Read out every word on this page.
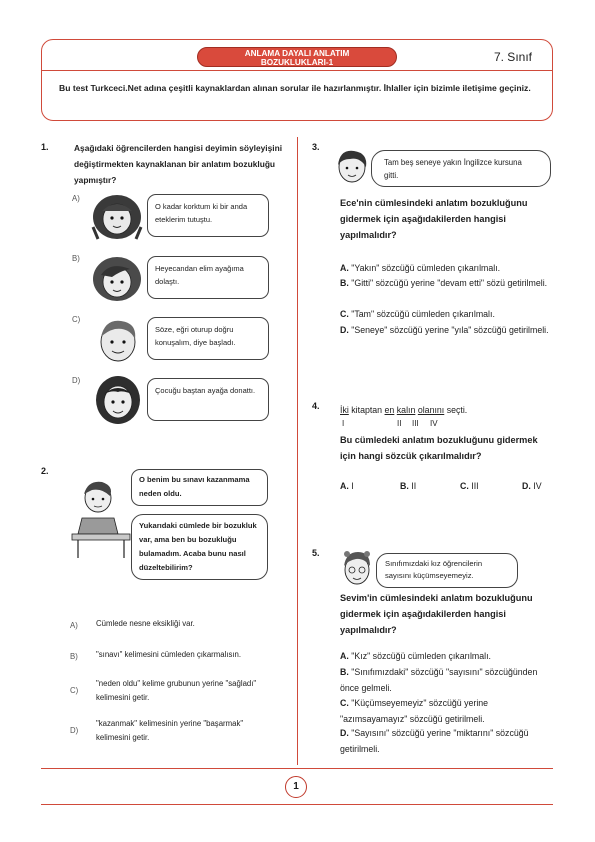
ANLAMA DAYALI ANLATIM
BOZUKLUKLARI-1	7. Sınıf
Bu test Turkceci.Net adına çeşitli kaynaklardan alınan sorular ile hazırlanmıştır. İhlaller için bizimle iletişime geçiniz.
1.	Aşağıdaki öğrencilerden hangisi deyimin söyleyişini değiştirmekten kaynaklanan bir anlatım bozukluğu yapmıştır?
A)
O kadar korktum ki bir anda eteklerim tutuştu.
B)
Heyecandan elim ayağıma dolaştı.
C)
Söze, eğri oturup doğru konuşalım, diye başladı.
D)
Çocuğu baştan ayağa donattı.
2.
O benim bu sınavı kazanmama neden oldu.
Yukarıdaki cümlede bir bozukluk var, ama ben bu bozukluğu bulamadım. Acaba bunu nasıl düzeltebilirim?
A) Cümlede nesne eksikliği var.
B) "sınavı" kelimesini cümleden çıkarmalısın.
C)
"neden oldu" kelime grubunun yerine "sağladı" kelimesini getir.
D)
"kazanmak" kelimesinin yerine "başarmak" kelimesini getir.
3.
Tam beş seneye yakın İngilizce kursuna gitti.
Ece'nin cümlesindeki anlatım bozukluğunu gidermek için aşağıdakilerden hangisi yapılmalıdır?
A. "Yakın" sözcüğü cümleden çıkarılmalı.
B. "Gitti" sözcüğü yerine "devam etti" sözü getirilmeli.
C. "Tam" sözcüğü cümleden çıkarılmalı.
D. "Seneye" sözcüğü yerine "yıla" sözcüğü getirilmeli.
4. İki kitaptan en kalın olanını seçti.
I	II III IV
Bu cümledeki anlatım bozukluğunu gidermek için hangi sözcük çıkarılmalıdır?
A. I	B. II	C. III	D. IV
5.
Sınıfımızdaki kız öğrencilerin sayısını küçümseyemeyiz.
Sevim'in cümlesindeki anlatım bozukluğunu gidermek için aşağıdakilerden hangisi yapılmalıdır?
A. "Kız" sözcüğü cümleden çıkarılmalı.
B. "Sınıfımızdaki" sözcüğü "sayısını" sözcüğünden önce gelmeli.
C. "Küçümseyemeyiz" sözcüğü yerine "azımsayamayız" sözcüğü getirilmeli.
D. "Sayısını" sözcüğü yerine "miktarını" sözcüğü getirilmeli.
1
